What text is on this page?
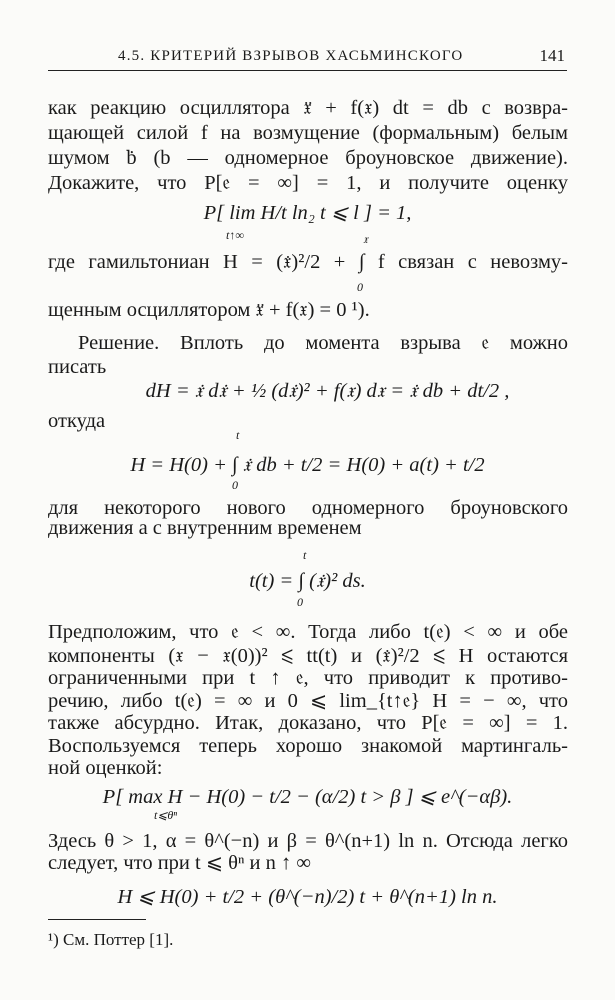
4.5. КРИТЕРИЙ ВЗРЫВОВ ХАСЬМИНСКОГО	141
как реакцию осциллятора 𝔵̈ + f(𝔵) dt = db с возвра-
щающей силой f на возмущение (формальным) белым
шумом ḃ (b — одномерное броуновское движение).
Докажите, что P[𝔢 = ∞] = 1, и получите оценку
P[ lim H/t ln₂ t ⩽ l ] = 1,
t↑∞	𝔵
где гамильтониан H = (𝔵̇)²/2 + ∫ f связан с невозму-
0
щенным осциллятором 𝔵̈ + f(𝔵) = 0 ¹).
Решение. Вплоть до момента взрыва 𝔢 можно
писать
dH = 𝔵̇ d𝔵̇ + ½ (d𝔵̇)² + f(𝔵) d𝔵 = 𝔵̇ db + dt/2 ,
откуда
t
H = H(0) + ∫ 𝔵̇ db + t/2 = H(0) + a(t) + t/2
0
для некоторого нового одномерного броуновского
движения a с внутренним временем
t
t(t) = ∫ (𝔵̇)² ds.
0
Предположим, что 𝔢 < ∞. Тогда либо t(𝔢) < ∞ и обе
компоненты (𝔵 − 𝔵(0))² ⩽ tt(t) и (𝔵̇)²/2 ⩽ H остаются
ограниченными при t ↑ 𝔢, что приводит к противо-
речию, либо t(𝔢) = ∞ и 0 ⩽ lim_{t↑𝔢} H = − ∞, что
также абсурдно. Итак, доказано, что P[𝔢 = ∞] = 1.
Воспользуемся теперь хорошо знакомой мартингаль-
ной оценкой:
P[ max H − H(0) − t/2 − (α/2) t > β ] ⩽ e^(−αβ).
t⩽θⁿ
Здесь θ > 1, α = θ^(−n) и β = θ^(n+1) ln n. Отсюда легко
следует, что при t ⩽ θⁿ и n ↑ ∞
H ⩽ H(0) + t/2 + (θ^(−n)/2) t + θ^(n+1) ln n.
¹) См. Поттер [1].
